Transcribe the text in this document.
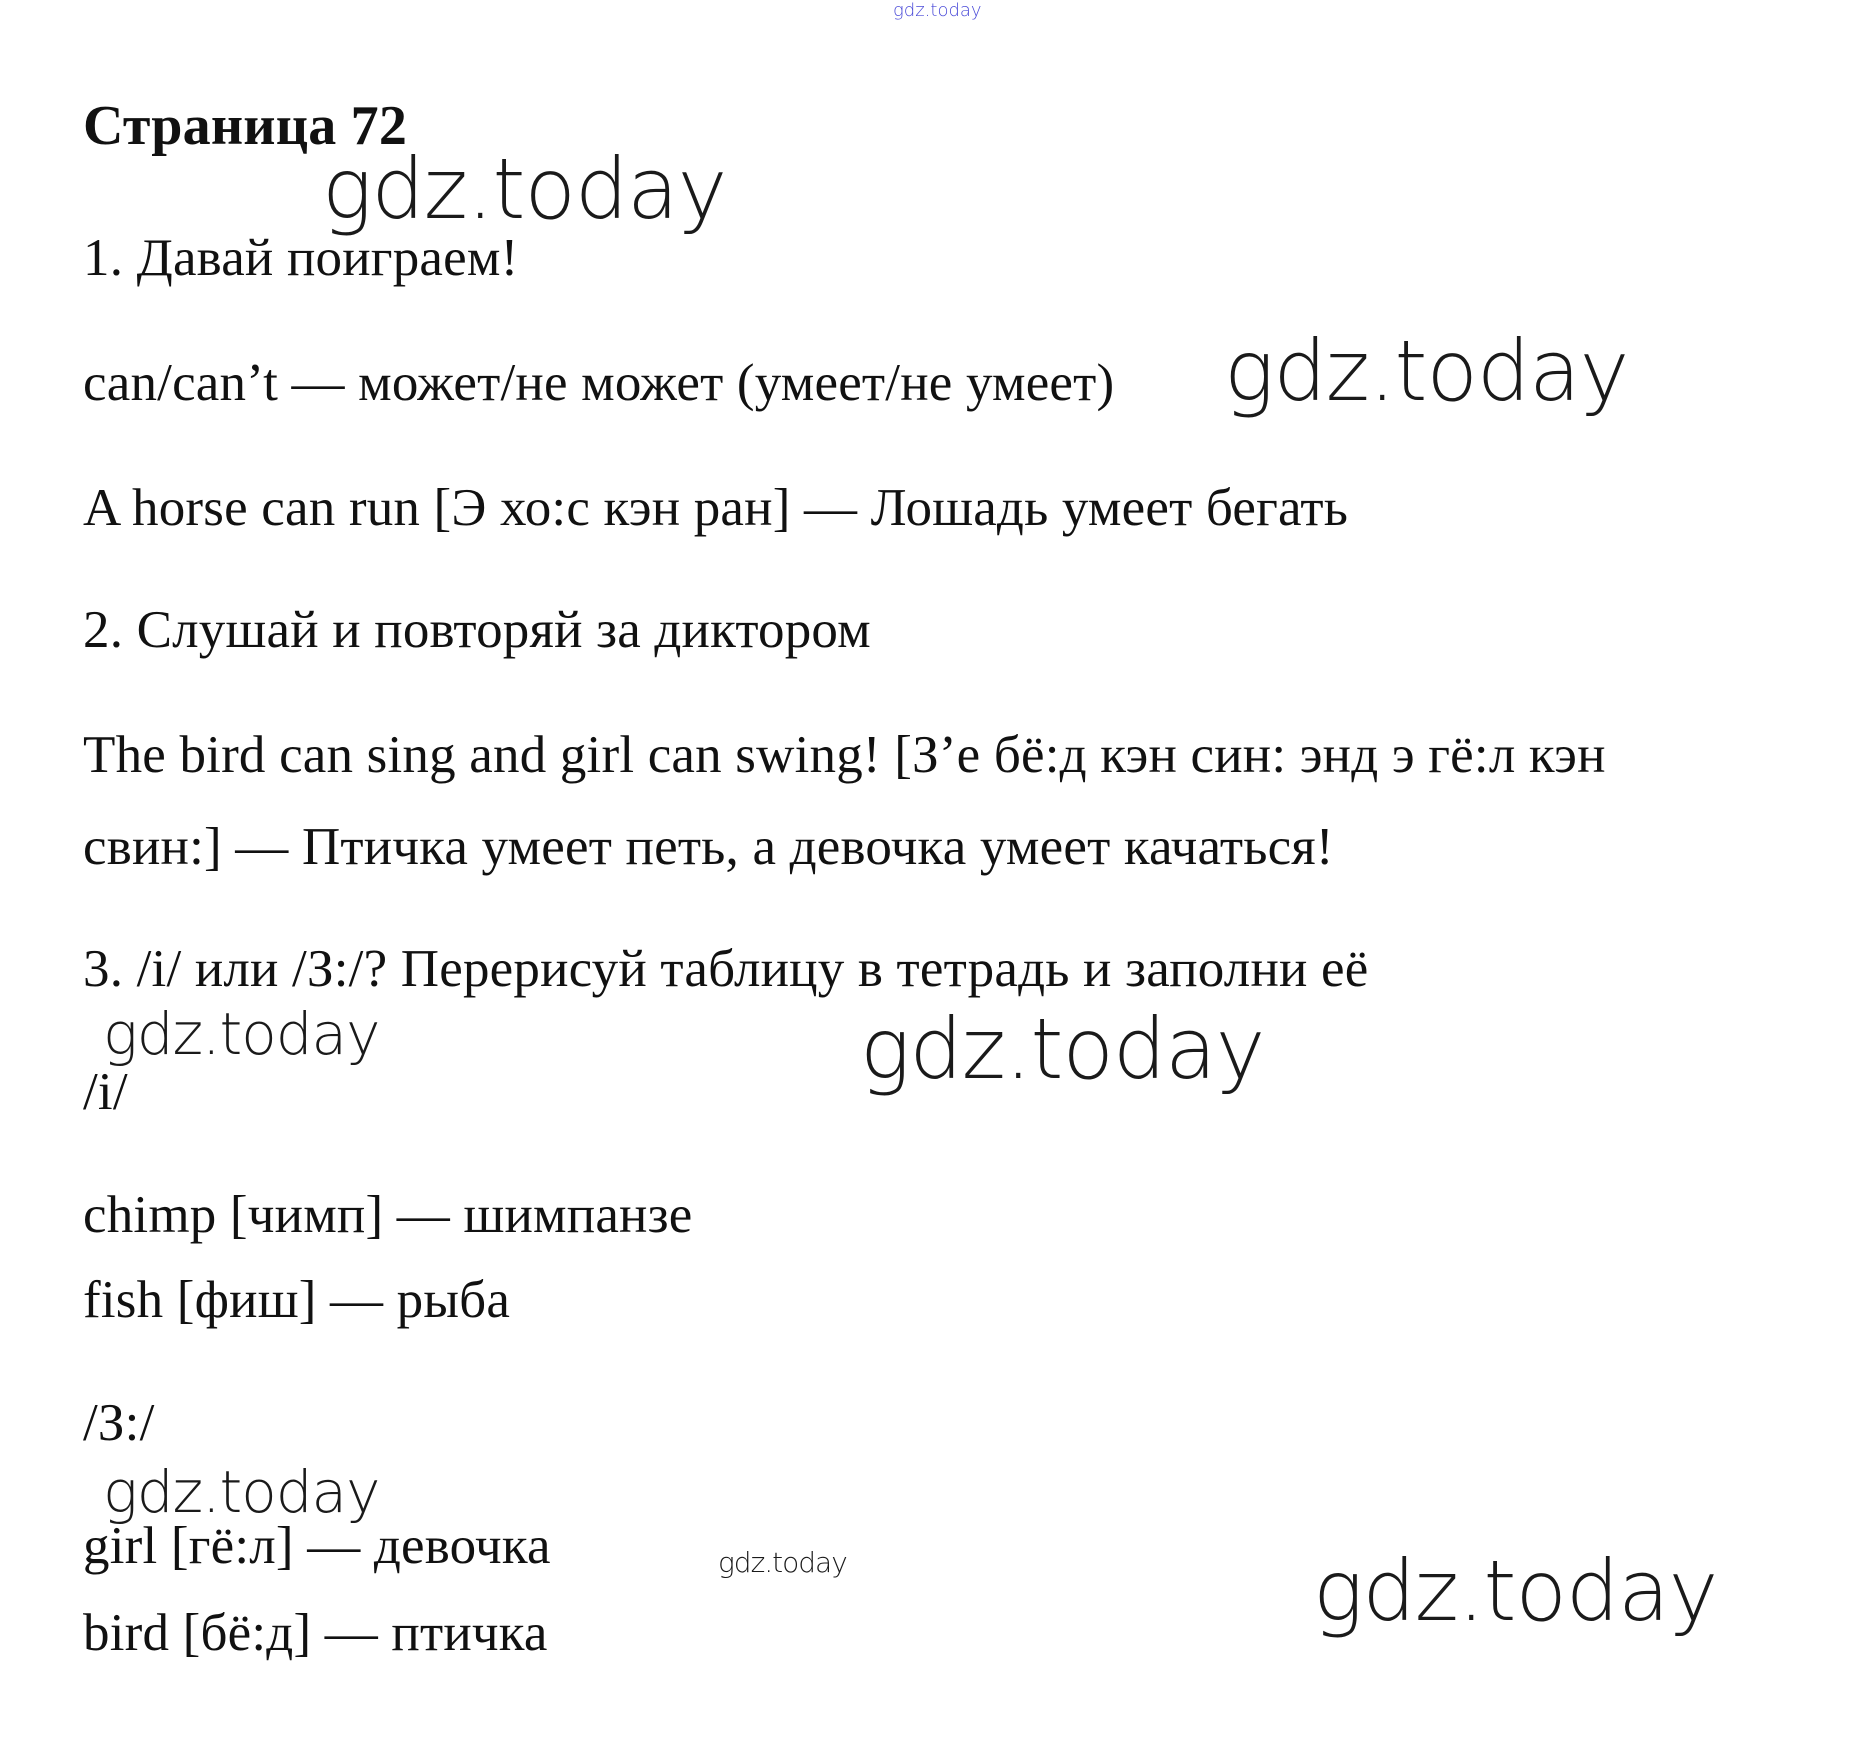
gdz.today
Страница 72
gdz.today
1. Давай поиграем!
can/can’t — может/не может (умеет/не умеет) gdz.today
A horse can run [Э хо:с кэн ран] — Лошадь умеет бегать
2. Слушай и повторяй за диктором
The bird can sing and girl can swing! [З’е бё:д кэн син: энд э гё:л кэн
свин:] — Птичка умеет петь, а девочка умеет качаться!
3. /i/ или /З:/? Перерисуй таблицу в тетрадь и заполни её
gdz.today	gdz.today
/i/
chimp [чимп] — шимпанзе
fish [фиш] — рыба
/З:/
gdz.today
girl [гё:л] — девочка	gdz.today	gdz.today
bird [бё:д] — птичка
